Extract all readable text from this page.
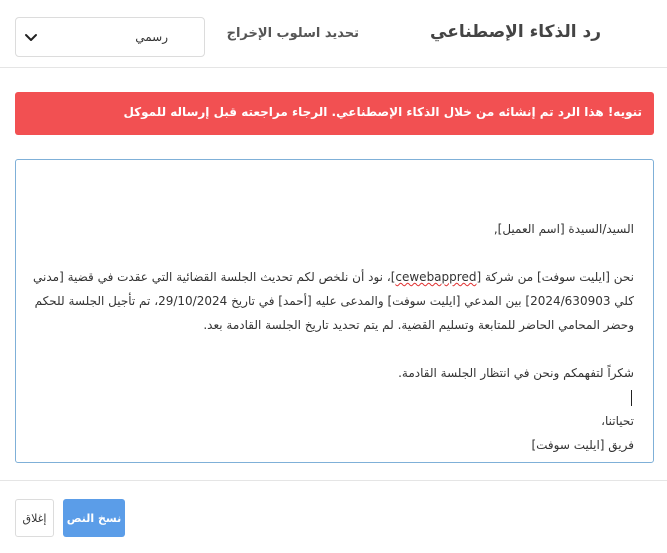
رد الذكاء الإصطناعي
تحديد اسلوب الإخراج
رسمي
تنويه! هذا الرد تم إنشائه من خلال الذكاء الإصطناعي. الرجاء مراجعته قبل إرساله للموكل
السيد/السيدة [اسم العميل],
نحن [ايليت سوفت] من شركة [cewebappred]، نود أن نلخص لكم تحديث الجلسة القضائية التي عقدت في قضية [مدني كلي 2024/630903] بين المدعي [ايليت سوفت] والمدعى عليه [أحمد] في تاريخ 29/10/2024، تم تأجيل الجلسة للحكم وحضر المحامي الحاضر للمتابعة وتسليم القضية. لم يتم تحديد تاريخ الجلسة القادمة بعد.
شكراً لتفهمكم ونحن في انتظار الجلسة القادمة.
تحياتنا،
فريق [ايليت سوفت]
نسخ النص
إغلاق
